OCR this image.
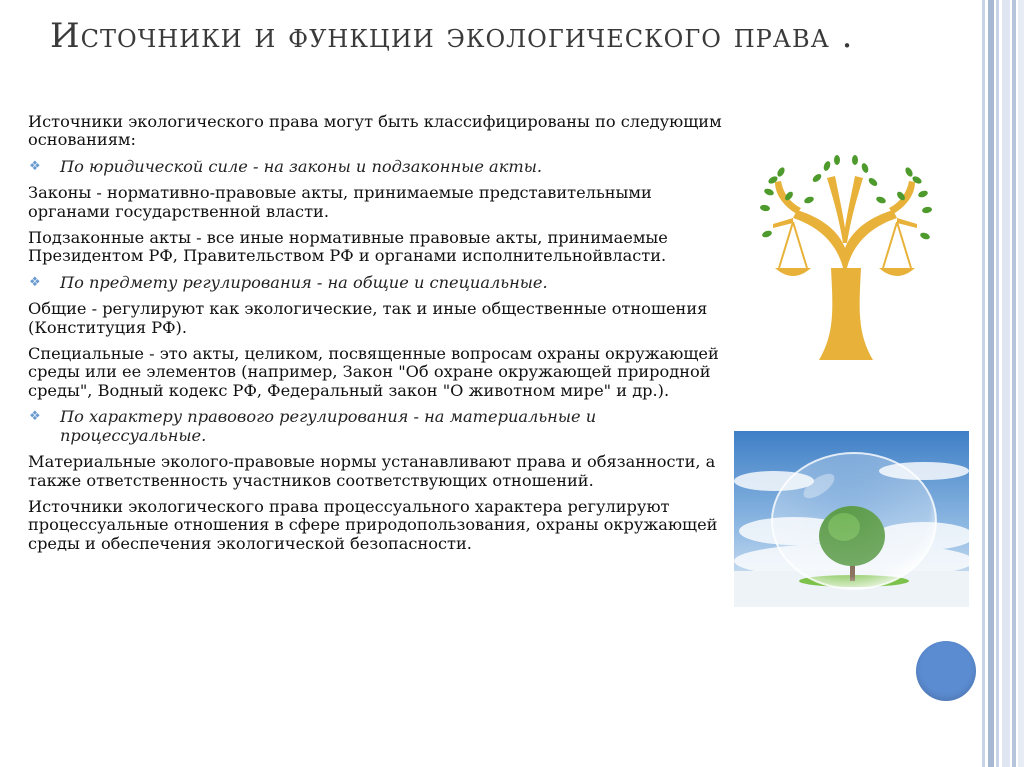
Источники и функции экологического права .

Источники экологического права могут быть классифицированы по следующим основаниям:

❖ По юридической силе - на законы и подзаконные акты.

Законы - нормативно-правовые акты, принимаемые представительными органами государственной власти.

Подзаконные акты - все иные нормативные правовые акты, принимаемые Президентом РФ, Правительством РФ и органами исполнительнойвласти.

❖ По предмету регулирования - на общие и специальные.

Общие - регулируют как экологические, так и иные общественные отношения (Конституция РФ).

Специальные - это акты, целиком, посвященные вопросам охраны окружающей среды или ее элементов (например, Закон "Об охране окружающей природной среды", Водный кодекс РФ, Федеральный закон "О животном мире" и др.).

❖ По характеру правового регулирования - на материальные и процессуальные.

Материальные эколого-правовые нормы устанавливают права и обязанности, а также ответственность участников соответствующих отношений.

Источники экологического права процессуального характера регулируют процессуальные отношения в сфере природопользования, охраны окружающей среды и обеспечения экологической безопасности.
